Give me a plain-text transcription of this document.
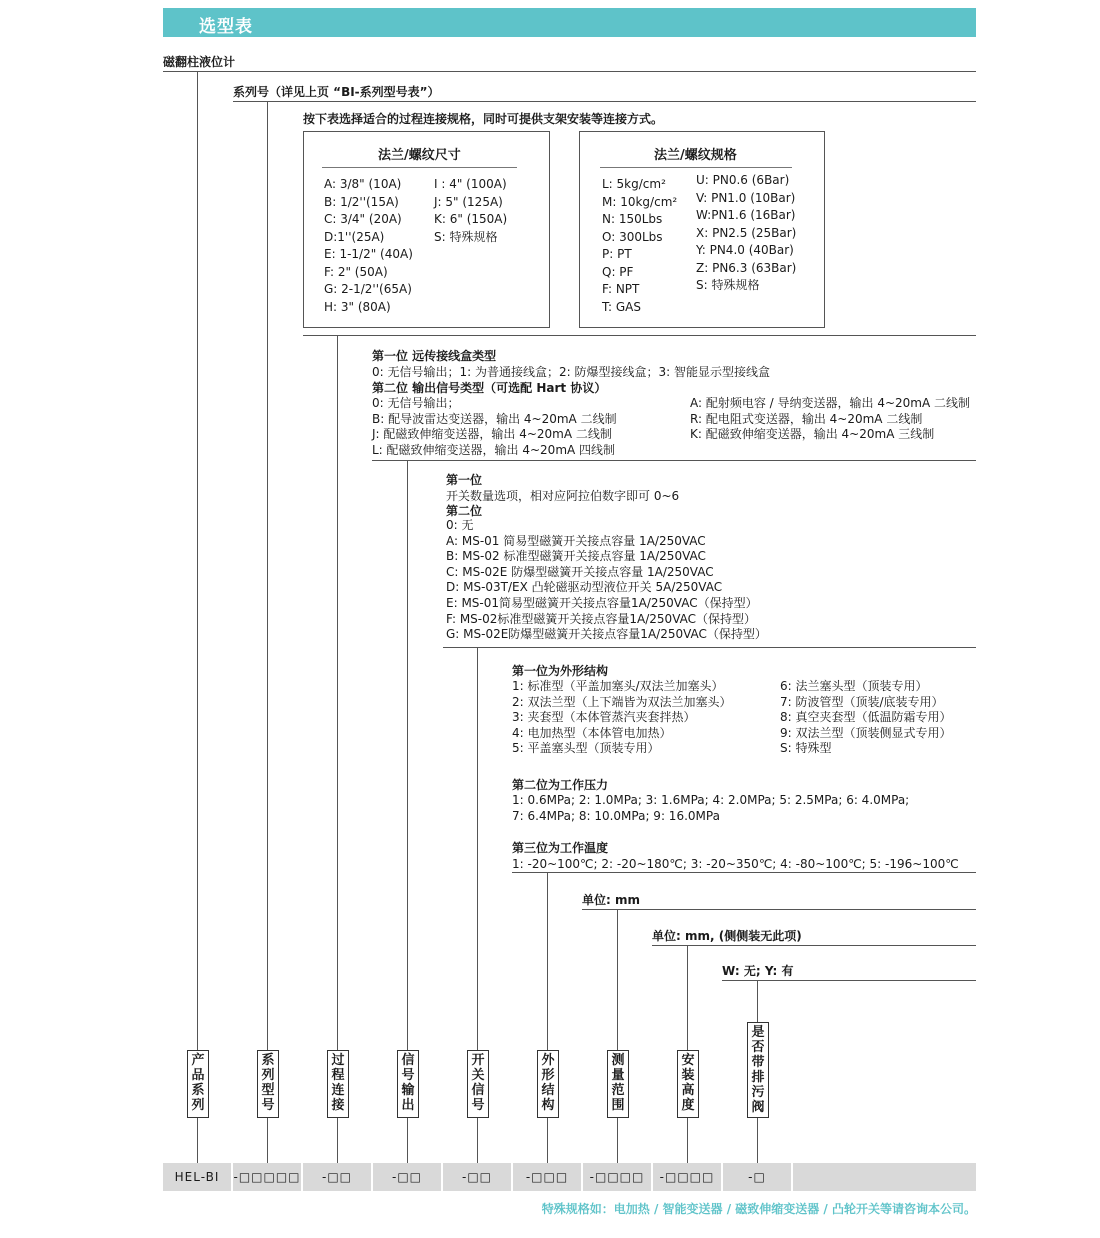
选型表
磁翻柱液位计
系列号（详见上页 “BI-系列型号表”）
按下表选择适合的过程连接规格，同时可提供支架安装等连接方式。
法兰/螺纹尺寸
A: 3/8" (10A)
B: 1/2''(15A)
C: 3/4" (20A)
D:1''(25A)
E: 1-1/2" (40A)
F: 2" (50A)
G: 2-1/2''(65A)
H: 3" (80A)
I : 4" (100A)
J: 5" (125A)
K: 6" (150A)
S: 特殊规格
法兰/螺纹规格
L: 5kg/cm²
M: 10kg/cm²
N: 150Lbs
O: 300Lbs
P: PT
Q: PF
F: NPT
T: GAS
U: PN0.6 (6Bar)
V: PN1.0 (10Bar)
W:PN1.6 (16Bar)
X: PN2.5 (25Bar)
Y: PN4.0 (40Bar)
Z: PN6.3 (63Bar)
S: 特殊规格
第一位 远传接线盒类型
0: 无信号输出；1: 为普通接线盒；2: 防爆型接线盒；3: 智能显示型接线盒
第二位 输出信号类型（可选配 Hart 协议）
0: 无信号输出；
B: 配导波雷达变送器，输出 4~20mA 二线制
J: 配磁致伸缩变送器，输出 4~20mA 二线制
L: 配磁致伸缩变送器，输出 4~20mA 四线制
A: 配射频电容 / 导纳变送器，输出 4~20mA 二线制
R: 配电阻式变送器，输出 4~20mA 二线制
K: 配磁致伸缩变送器，输出 4~20mA 三线制
第一位
开关数量选项，相对应阿拉伯数字即可 0~6
第二位
0: 无
A: MS-01 简易型磁簧开关接点容量 1A/250VAC
B: MS-02 标准型磁簧开关接点容量 1A/250VAC
C: MS-02E 防爆型磁簧开关接点容量 1A/250VAC
D: MS-03T/EX 凸轮磁驱动型液位开关 5A/250VAC
E: MS-01简易型磁簧开关接点容量1A/250VAC（保持型）
F: MS-02标准型磁簧开关接点容量1A/250VAC（保持型）
G: MS-02E防爆型磁簧开关接点容量1A/250VAC（保持型）
第一位为外形结构
1: 标准型（平盖加塞头/双法兰加塞头）
2: 双法兰型（上下端皆为双法兰加塞头）
3: 夹套型（本体管蒸汽夹套拌热）
4: 电加热型（本体管电加热）
5: 平盖塞头型（顶装专用）
6: 法兰塞头型（顶装专用）
7: 防波管型（顶装/底装专用）
8: 真空夹套型（低温防霜专用）
9: 双法兰型（顶装侧显式专用）
S: 特殊型
第二位为工作压力
1: 0.6MPa; 2: 1.0MPa; 3: 1.6MPa; 4: 2.0MPa; 5: 2.5MPa; 6: 4.0MPa;
7: 6.4MPa; 8: 10.0MPa; 9: 16.0MPa
第三位为工作温度
1: -20~100℃; 2: -20~180℃; 3: -20~350℃; 4: -80~100℃; 5: -196~100℃
单位: mm
单位: mm, (侧侧装无此项)
W: 无; Y: 有
产品系列
系列型号
过程连接
信号输出
开关信号
外形结构
测量范围
安装高度
是否带排污阀
HEL-BI	-□□□□□	-□□	-□□	-□□	-□□□	-□□□□	-□□□□	-□
特殊规格如：电加热 / 智能变送器 / 磁致伸缩变送器 / 凸轮开关等请咨询本公司。
